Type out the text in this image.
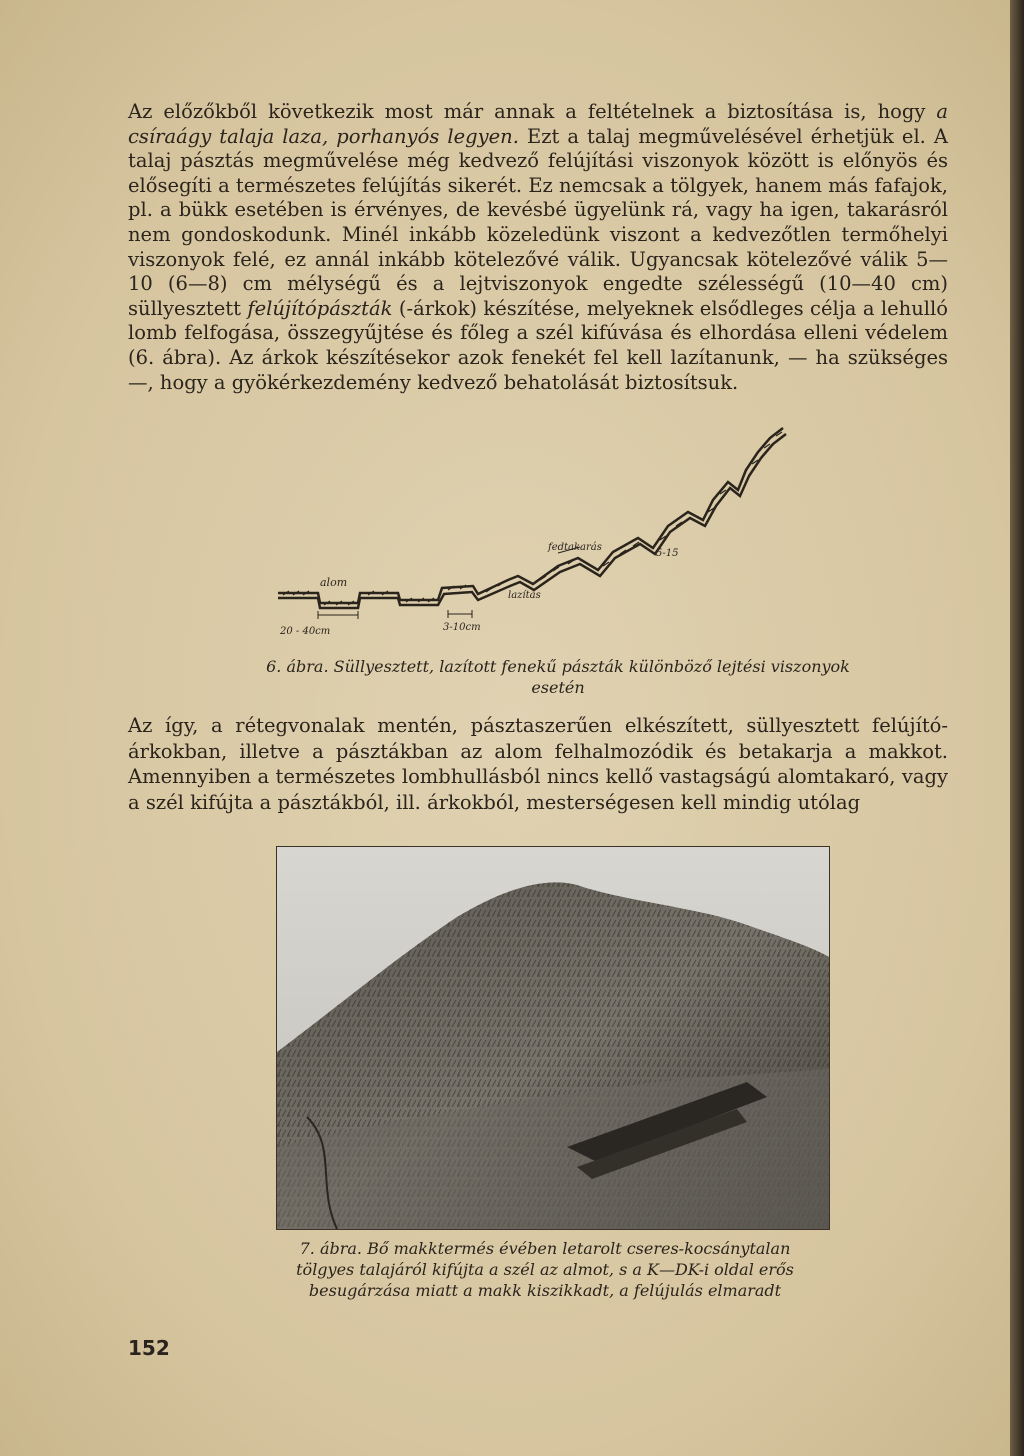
Az előzőkből következik most már annak a feltételnek a biztosítása is, hogy a csíraágy talaja laza, porhanyós legyen. Ezt a talaj megművelésével érhetjük el. A talaj pásztás megművelése még kedvező felújítási viszonyok között is előnyös és elősegíti a természetes felújítás sikerét. Ez nemcsak a tölgyek, hanem más fafajok, pl. a bükk esetében is érvényes, de kevésbé ügyelünk rá, vagy ha igen, takarásról nem gondoskodunk. Minél inkább közeledünk viszont a kedvezőtlen termőhelyi viszonyok felé, ez annál inkább kötelezővé válik. Ugyancsak kötelezővé válik 5—10 (6—8) cm mélységű és a lejtviszonyok engedte szélességű (10—40 cm) süllyesztett felújítópászták (-árkok) készítése, melyeknek elsődleges célja a lehulló lomb felfogása, összegyűjtése és főleg a szél kifúvása és elhordása elleni védelem (6. ábra). Az árkok készítésekor azok fenekét fel kell lazítanunk, — ha szükséges —, hogy a gyökérkezdemény kedvező behatolását biztosítsuk.

alom
20 - 40cm	3-10cm
lazítás
fedtakarás
5-15

6. ábra. Süllyesztett, lazított fenekű pászták különböző lejtési viszonyok esetén

Az így, a rétegvonalak mentén, pásztaszerűen elkészített, süllyesztett felújítóárkokban, illetve a pásztákban az alom felhalmozódik és betakarja a makkot. Amennyiben a természetes lombhullásból nincs kellő vastagságú alomtakaró, vagy a szél kifújta a pásztákból, ill. árkokból, mesterségesen kell mindig utólag

7. ábra. Bő makktermés évében letarolt cseres-kocsánytalan tölgyes talajáról kifújta a szél az almot, s a K—DK-i oldal erős besugárzása miatt a makk kiszikkadt, a felújulás elmaradt

152
